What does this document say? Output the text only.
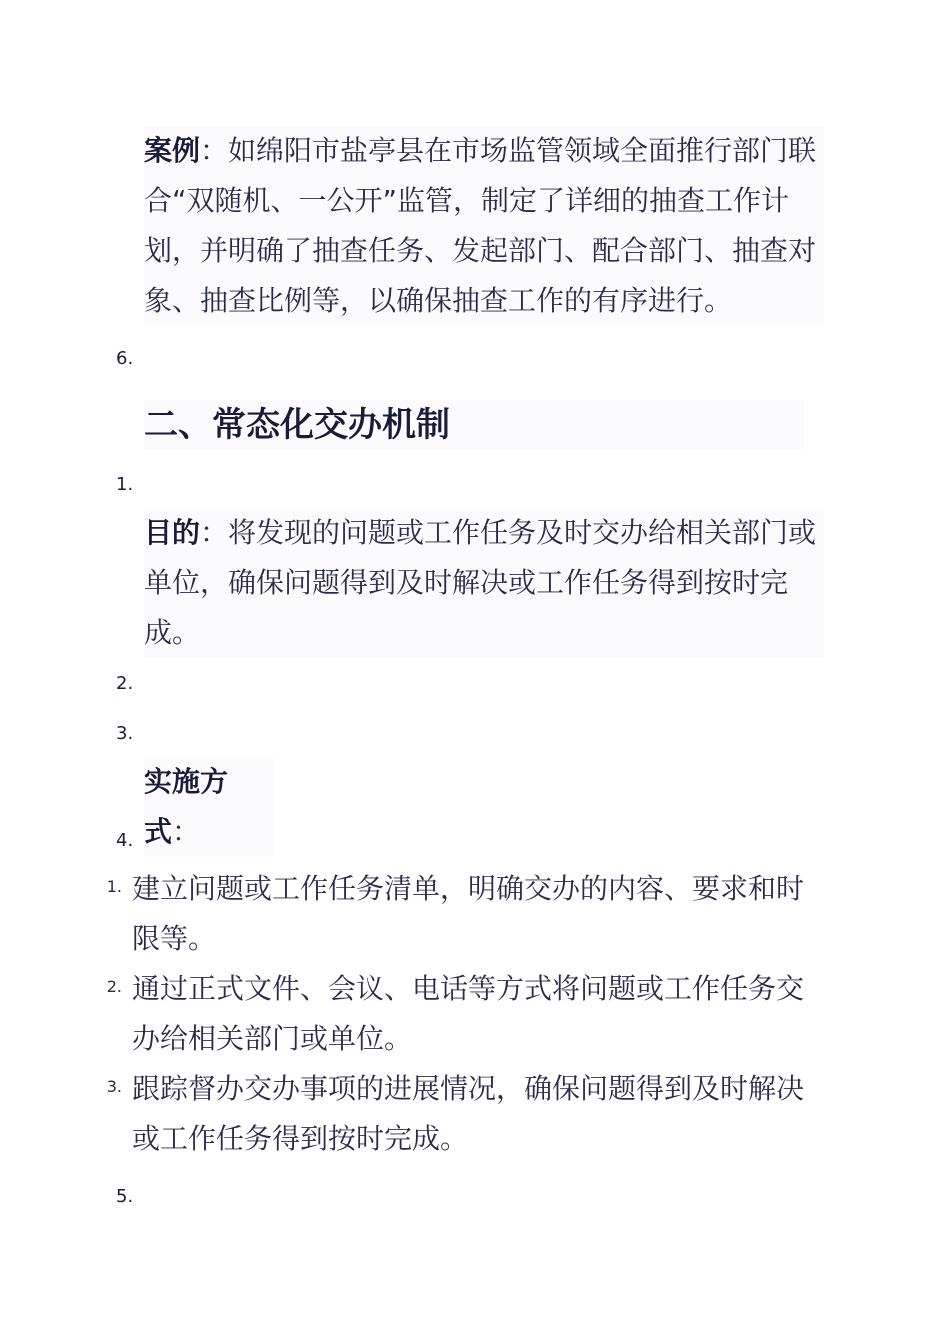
案例：如绵阳市盐亭县在市场监管领域全面推行部门联合“双随机、一公开”监管，制定了详细的抽查工作计划，并明确了抽查任务、发起部门、配合部门、抽查对象、抽查比例等，以确保抽查工作的有序进行。
6.
二、常态化交办机制
1.
目的：将发现的问题或工作任务及时交办给相关部门或单位，确保问题得到及时解决或工作任务得到按时完成。
2.
3.
实施方式：
4.
1. 建立问题或工作任务清单，明确交办的内容、要求和时限等。
2. 通过正式文件、会议、电话等方式将问题或工作任务交办给相关部门或单位。
3. 跟踪督办交办事项的进展情况，确保问题得到及时解决或工作任务得到按时完成。
5.
